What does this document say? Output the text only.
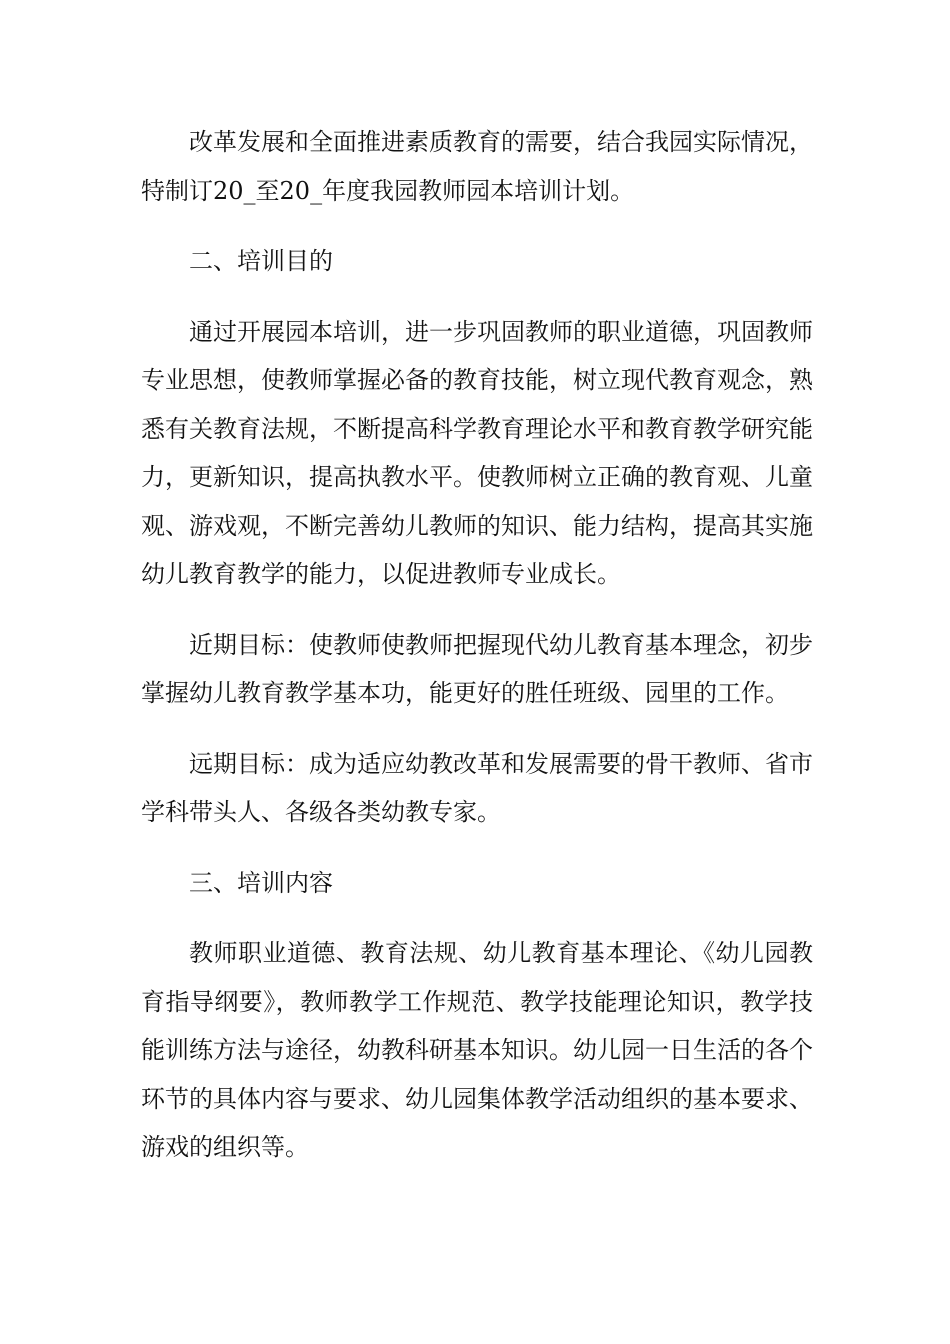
改革发展和全面推进素质教育的需要，结合我园实际情况，特制订20_至20_年度我园教师园本培训计划。

二、培训目的

通过开展园本培训，进一步巩固教师的职业道德，巩固教师专业思想，使教师掌握必备的教育技能，树立现代教育观念，熟悉有关教育法规，不断提高科学教育理论水平和教育教学研究能力，更新知识，提高执教水平。使教师树立正确的教育观、儿童观、游戏观，不断完善幼儿教师的知识、能力结构，提高其实施幼儿教育教学的能力，以促进教师专业成长。

近期目标：使教师使教师把握现代幼儿教育基本理念，初步掌握幼儿教育教学基本功，能更好的胜任班级、园里的工作。

远期目标：成为适应幼教改革和发展需要的骨干教师、省市学科带头人、各级各类幼教专家。

三、培训内容

教师职业道德、教育法规、幼儿教育基本理论、《幼儿园教育指导纲要》，教师教学工作规范、教学技能理论知识，教学技能训练方法与途径，幼教科研基本知识。幼儿园一日生活的各个环节的具体内容与要求、幼儿园集体教学活动组织的基本要求、游戏的组织等。
